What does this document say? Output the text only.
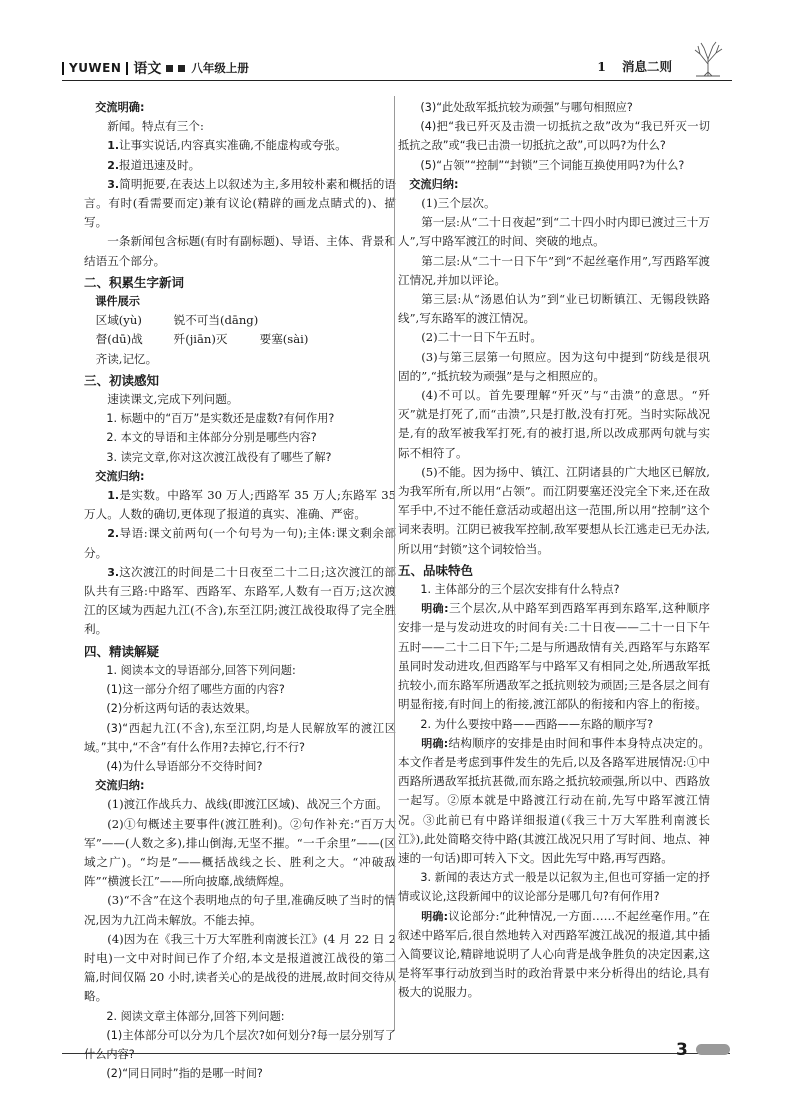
YUWEN 语文	八年级上册	1 消息二则
交流明确:
新闻。特点有三个:
1.让事实说话,内容真实准确,不能虚构或夸张。
2.报道迅速及时。
3.简明扼要,在表达上以叙述为主,多用较朴素和概括的语言。有时(看需要而定)兼有议论(精辟的画龙点睛式的)、描写。
一条新闻包含标题(有时有副标题)、导语、主体、背景和结语五个部分。
二、积累生字新词
课件展示
区域(yù)	锐不可当(dāng)
督(dū)战	歼(jiān)灭	要塞(sài)
齐读,记忆。
三、初读感知
速读课文,完成下列问题。
1. 标题中的“百万”是实数还是虚数?有何作用?
2. 本文的导语和主体部分分别是哪些内容?
3. 读完文章,你对这次渡江战役有了哪些了解?
交流归纳:
1.是实数。中路军 30 万人;西路军 35 万人;东路军 35 万人。人数的确切,更体现了报道的真实、准确、严密。
2.导语:课文前两句(一个句号为一句);主体:课文剩余部分。
3.这次渡江的时间是二十日夜至二十二日;这次渡江的部队共有三路:中路军、西路军、东路军,人数有一百万;这次渡江的区域为西起九江(不含),东至江阴;渡江战役取得了完全胜利。
四、精读解疑
1. 阅读本文的导语部分,回答下列问题:
(1)这一部分介绍了哪些方面的内容?
(2)分析这两句话的表达效果。
(3)“西起九江(不含),东至江阴,均是人民解放军的渡江区域。”其中,“不含”有什么作用?去掉它,行不行?
(4)为什么导语部分不交待时间?
交流归纳:
(1)渡江作战兵力、战线(即渡江区域)、战况三个方面。
(2)①句概述主要事件(渡江胜利)。②句作补充:“百万大军”——(人数之多),排山倒海,无坚不摧。“一千余里”——(区域之广)。“均是”——概括战线之长、胜利之大。“冲破敌阵”“横渡长江”——所向披靡,战绩辉煌。
(3)“不含”在这个表明地点的句子里,准确反映了当时的情况,因为九江尚未解放。不能去掉。
(4)因为在《我三十万大军胜利南渡长江》(4 月 22 日 2 时电)一文中对时间已作了介绍,本文是报道渡江战役的第二篇,时间仅隔 20 小时,读者关心的是战役的进展,故时间交待从略。
2. 阅读文章主体部分,回答下列问题:
(1)主体部分可以分为几个层次?如何划分?每一层分别写了什么内容?
(2)“同日同时”指的是哪一时间?
(3)“此处敌军抵抗较为顽强”与哪句相照应?
(4)把“我已歼灭及击溃一切抵抗之敌”改为“我已歼灭一切抵抗之敌”或“我已击溃一切抵抗之敌”,可以吗?为什么?
(5)“占领”“控制”“封锁”三个词能互换使用吗?为什么?
交流归纳:
(1)三个层次。
第一层:从“二十日夜起”到“二十四小时内即已渡过三十万人”,写中路军渡江的时间、突破的地点。
第二层:从“二十一日下午”到“不起丝毫作用”,写西路军渡江情况,并加以评论。
第三层:从“汤恩伯认为”到“业已切断镇江、无锡段铁路线”,写东路军的渡江情况。
(2)二十一日下午五时。
(3)与第三层第一句照应。因为这句中提到“防线是很巩固的”,“抵抗较为顽强”是与之相照应的。
(4)不可以。首先要理解“歼灭”与“击溃”的意思。“歼灭”就是打死了,而“击溃”,只是打散,没有打死。当时实际战况是,有的敌军被我军打死,有的被打退,所以改成那两句就与实际不相符了。
(5)不能。因为扬中、镇江、江阴诸县的广大地区已解放,为我军所有,所以用“占领”。而江阴要塞还没完全下来,还在敌军手中,不过不能任意活动或超出这一范围,所以用“控制”这个词来表明。江阴已被我军控制,敌军要想从长江逃走已无办法,所以用“封锁”这个词较恰当。
五、品味特色
1. 主体部分的三个层次安排有什么特点?
明确:三个层次,从中路军到西路军再到东路军,这种顺序安排一是与发动进攻的时间有关:二十日夜——二十一日下午五时——二十二日下午;二是与所遇敌情有关,西路军与东路军虽同时发动进攻,但西路军与中路军又有相同之处,所遇敌军抵抗较小,而东路军所遇敌军之抵抗则较为顽固;三是各层之间有明显衔接,有时间上的衔接,渡江部队的衔接和内容上的衔接。
2. 为什么要按中路——西路——东路的顺序写?
明确:结构顺序的安排是由时间和事件本身特点决定的。本文作者是考虑到事件发生的先后,以及各路军进展情况:①中西路所遇敌军抵抗甚微,而东路之抵抗较顽强,所以中、西路放一起写。②原本就是中路渡江行动在前,先写中路军渡江情况。③此前已有中路详细报道(《我三十万大军胜利南渡长江》),此处简略交待中路(其渡江战况只用了写时间、地点、神速的一句话)即可转入下文。因此先写中路,再写西路。
3. 新闻的表达方式一般是以记叙为主,但也可穿插一定的抒情或议论,这段新闻中的议论部分是哪几句?有何作用?
明确:议论部分:“此种情况,一方面……不起丝毫作用。”在叙述中路军后,很自然地转入对西路军渡江战况的报道,其中插入简要议论,精辟地说明了人心向背是战争胜负的决定因素,这是将军事行动放到当时的政治背景中来分析得出的结论,具有极大的说服力。
3
